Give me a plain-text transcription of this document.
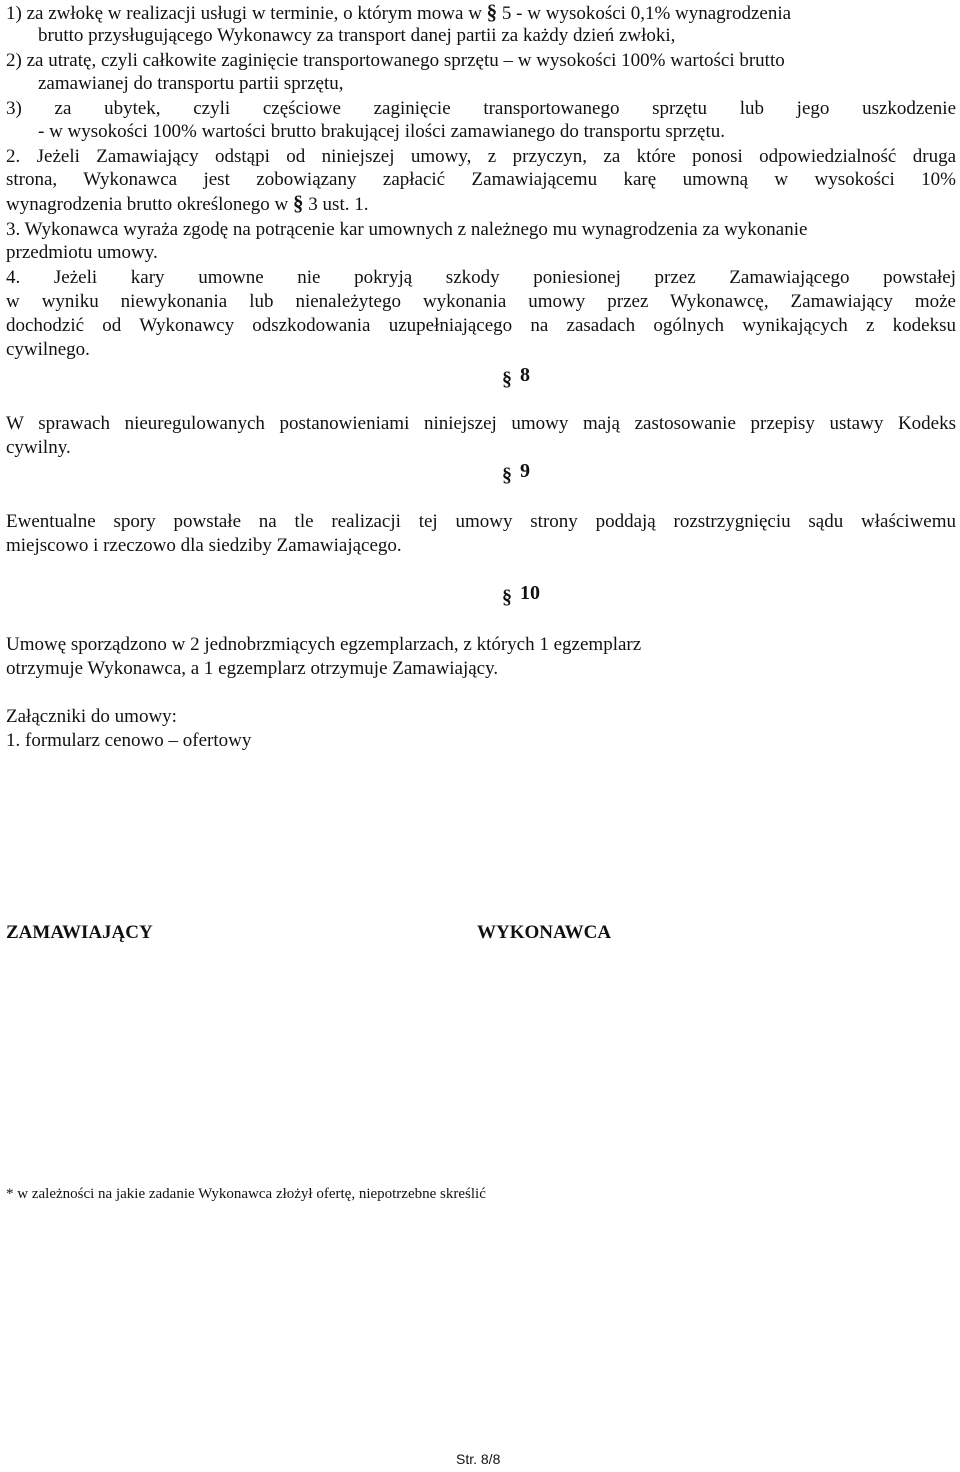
1) za zwłokę w realizacji usługi w terminie, o którym mowa w § 5 - w wysokości 0,1% wynagrodzenia
brutto przysługującego Wykonawcy za transport danej partii za każdy dzień zwłoki,
2) za utratę, czyli całkowite zaginięcie transportowanego sprzętu – w wysokości 100% wartości brutto
zamawianej do transportu partii sprzętu,
3) za ubytek, czyli częściowe zaginięcie transportowanego sprzętu lub jego uszkodzenie
- w wysokości 100% wartości brutto brakującej ilości zamawianego do transportu sprzętu.
2. Jeżeli Zamawiający odstąpi od niniejszej umowy, z przyczyn, za które ponosi odpowiedzialność druga
strona, Wykonawca jest zobowiązany zapłacić Zamawiającemu karę umowną w wysokości 10%
wynagrodzenia brutto określonego w § 3 ust. 1.
3. Wykonawca wyraża zgodę na potrącenie kar umownych z należnego mu wynagrodzenia za wykonanie
przedmiotu umowy.
4. Jeżeli kary umowne nie pokryją szkody poniesionej przez Zamawiającego powstałej
w wyniku niewykonania lub nienależytego wykonania umowy przez Wykonawcę, Zamawiający może
dochodzić od Wykonawcy odszkodowania uzupełniającego na zasadach ogólnych wynikających z kodeksu
cywilnego.
§ 8
W sprawach nieuregulowanych postanowieniami niniejszej umowy mają zastosowanie przepisy ustawy Kodeks
cywilny.
§ 9
Ewentualne spory powstałe na tle realizacji tej umowy strony poddają rozstrzygnięciu sądu właściwemu
miejscowo i rzeczowo dla siedziby Zamawiającego.
§ 10
Umowę sporządzono w 2 jednobrzmiących egzemplarzach, z których 1 egzemplarz
otrzymuje Wykonawca, a 1 egzemplarz otrzymuje Zamawiający.
Załączniki do umowy:
1. formularz cenowo – ofertowy
ZAMAWIAJĄCY	WYKONAWCA
* w zależności na jakie zadanie Wykonawca złożył ofertę, niepotrzebne skreślić
Str. 8/8
